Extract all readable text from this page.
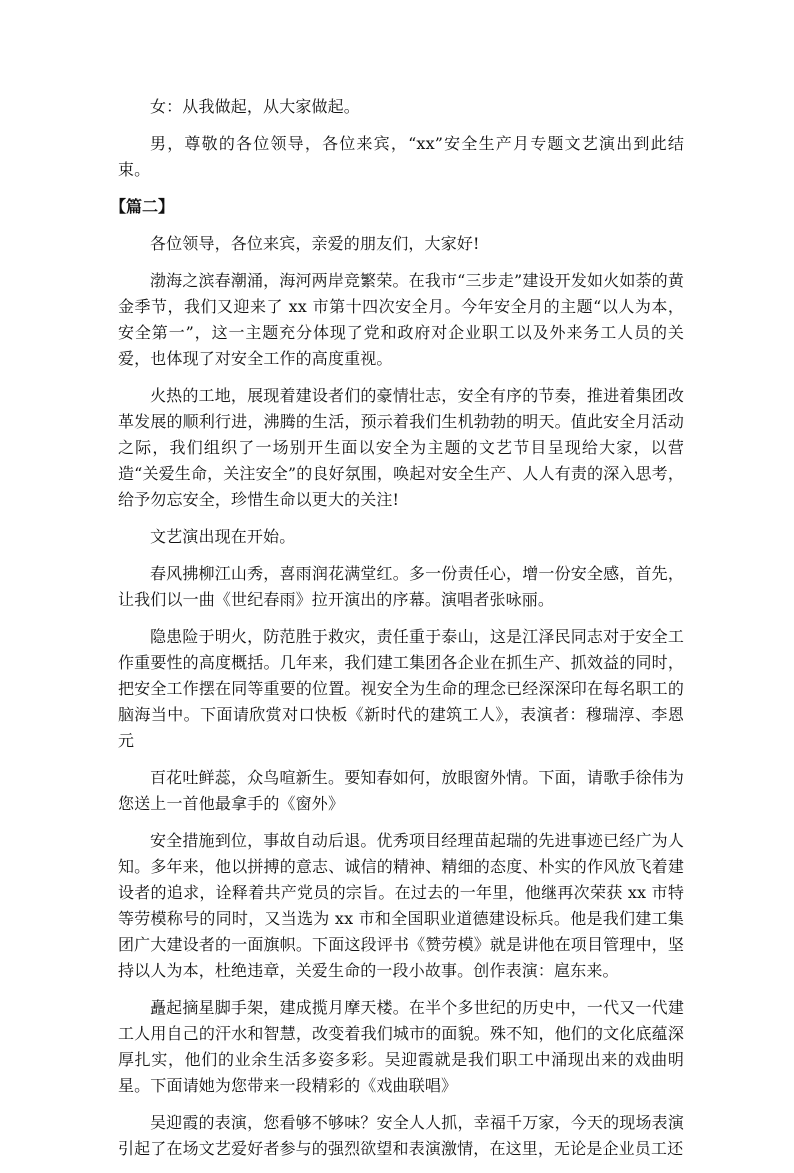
女：从我做起，从大家做起。

男，尊敬的各位领导，各位来宾，“xx”安全生产月专题文艺演出到此结束。

【篇二】

各位领导，各位来宾，亲爱的朋友们，大家好!

渤海之滨春潮涌，海河两岸竞繁荣。在我市“三步走”建设开发如火如荼的黄金季节，我们又迎来了 xx 市第十四次安全月。今年安全月的主题“以人为本，安全第一”，这一主题充分体现了党和政府对企业职工以及外来务工人员的关爱，也体现了对安全工作的高度重视。

火热的工地，展现着建设者们的豪情壮志，安全有序的节奏，推进着集团改革发展的顺利行进，沸腾的生活，预示着我们生机勃勃的明天。值此安全月活动之际，我们组织了一场别开生面以安全为主题的文艺节目呈现给大家，以营造“关爱生命，关注安全”的良好氛围，唤起对安全生产、人人有责的深入思考，给予勿忘安全，珍惜生命以更大的关注!

文艺演出现在开始。

春风拂柳江山秀，喜雨润花满堂红。多一份责任心，增一份安全感，首先，让我们以一曲《世纪春雨》拉开演出的序幕。演唱者张咏丽。

隐患险于明火，防范胜于救灾，责任重于泰山，这是江泽民同志对于安全工作重要性的高度概括。几年来，我们建工集团各企业在抓生产、抓效益的同时，把安全工作摆在同等重要的位置。视安全为生命的理念已经深深印在每名职工的脑海当中。下面请欣赏对口快板《新时代的建筑工人》，表演者：穆瑞淳、李恩元

百花吐鲜蕊，众鸟喧新生。要知春如何，放眼窗外情。下面，请歌手徐伟为您送上一首他最拿手的《窗外》

安全措施到位，事故自动后退。优秀项目经理苗起瑞的先进事迹已经广为人知。多年来，他以拼搏的意志、诚信的精神、精细的态度、朴实的作风放飞着建设者的追求，诠释着共产党员的宗旨。在过去的一年里，他继再次荣获 xx 市特等劳模称号的同时，又当选为 xx 市和全国职业道德建设标兵。他是我们建工集团广大建设者的一面旗帜。下面这段评书《赞劳模》就是讲他在项目管理中，坚持以人为本，杜绝违章，关爱生命的一段小故事。创作表演：扈东来。

矗起摘星脚手架，建成揽月摩天楼。在半个多世纪的历史中，一代又一代建工人用自己的汗水和智慧，改变着我们城市的面貌。殊不知，他们的文化底蕴深厚扎实，他们的业余生活多姿多彩。吴迎霞就是我们职工中涌现出来的戏曲明星。下面请她为您带来一段精彩的《戏曲联唱》

吴迎霞的表演，您看够不够味？安全人人抓，幸福千万家，今天的现场表演引起了在场文艺爱好者参与的强烈欲望和表演激情，在这里，无论是企业员工还
